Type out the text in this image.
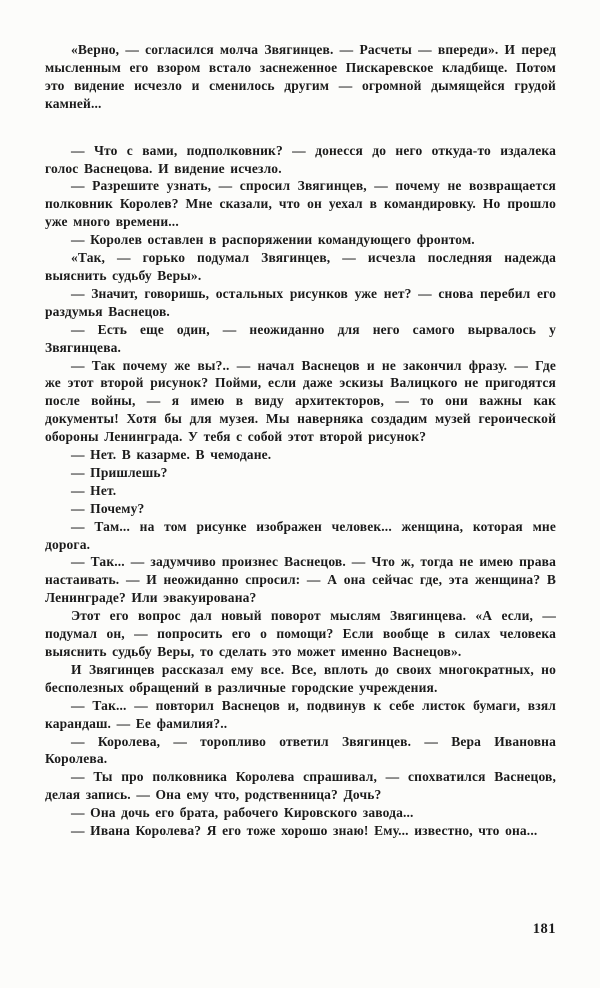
«Верно, — согласился молча Звягинцев. — Расчеты — впереди». И перед мысленным его взором встало заснеженное Пискаревское кладбище. Потом это видение исчезло и сменилось другим — огромной дымящейся грудой камней...

— Что с вами, подполковник? — донесся до него откуда-то издалека голос Васнецова. И видение исчезло.

— Разрешите узнать, — спросил Звягинцев, — почему не возвращается полковник Королев? Мне сказали, что он уехал в командировку. Но прошло уже много времени...

— Королев оставлен в распоряжении командующего фронтом.

«Так, — горько подумал Звягинцев, — исчезла последняя надежда выяснить судьбу Веры».

— Значит, говоришь, остальных рисунков уже нет? — снова перебил его раздумья Васнецов.

— Есть еще один, — неожиданно для него самого вырвалось у Звягинцева.

— Так почему же вы?.. — начал Васнецов и не закончил фразу. — Где же этот второй рисунок? Пойми, если даже эскизы Валицкого не пригодятся после войны, — я имею в виду архитекторов, — то они важны как документы! Хотя бы для музея. Мы наверняка создадим музей героической обороны Ленинграда. У тебя с собой этот второй рисунок?

— Нет. В казарме. В чемодане.

— Пришлешь?

— Нет.

— Почему?

— Там... на том рисунке изображен человек... женщина, которая мне дорога.

— Так... — задумчиво произнес Васнецов. — Что ж, тогда не имею права настаивать. — И неожиданно спросил: — А она сейчас где, эта женщина? В Ленинграде? Или эвакуирована?

Этот его вопрос дал новый поворот мыслям Звягинцева. «А если, — подумал он, — попросить его о помощи? Если вообще в силах человека выяснить судьбу Веры, то сделать это может именно Васнецов».

И Звягинцев рассказал ему все. Все, вплоть до своих многократных, но бесполезных обращений в различные городские учреждения.

— Так... — повторил Васнецов и, подвинув к себе листок бумаги, взял карандаш. — Ее фамилия?..

— Королева, — торопливо ответил Звягинцев. — Вера Ивановна Королева.

— Ты про полковника Королева спрашивал, — спохватился Васнецов, делая запись. — Она ему что, родственница? Дочь?

— Она дочь его брата, рабочего Кировского завода...

— Ивана Королева? Я его тоже хорошо знаю! Ему... известно, что она...

181
